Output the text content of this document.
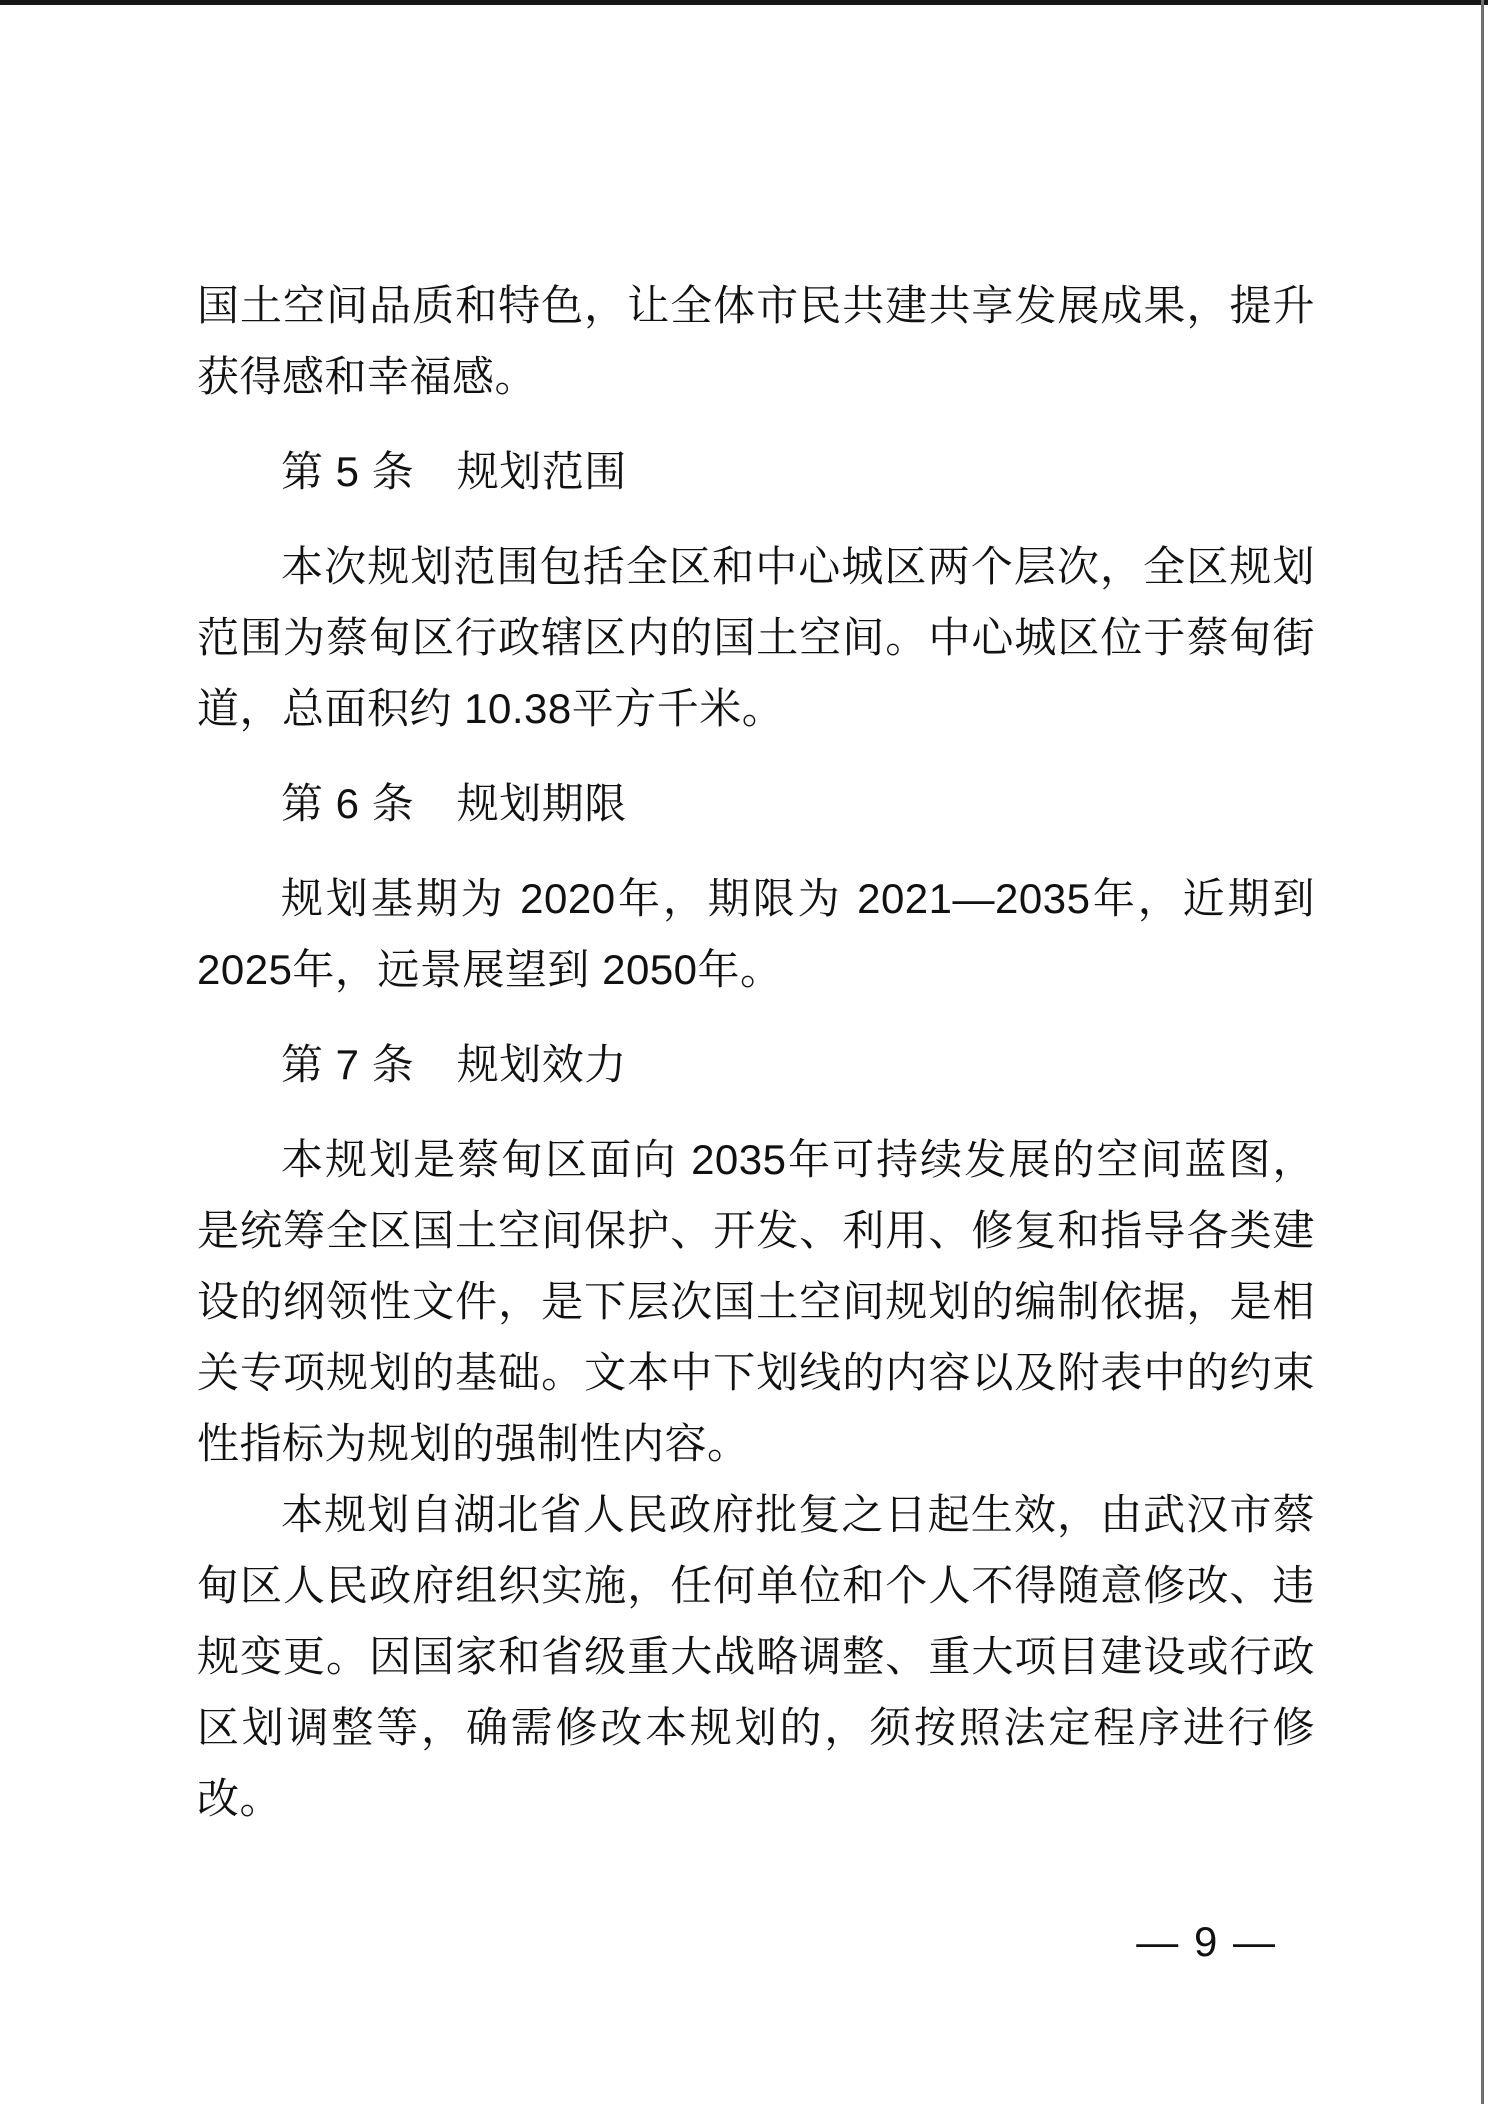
国土空间品质和特色，让全体市民共建共享发展成果，提升获得感和幸福感。

第 5 条　规划范围

本次规划范围包括全区和中心城区两个层次，全区规划范围为蔡甸区行政辖区内的国土空间。中心城区位于蔡甸街道，总面积约 10.38平方千米。

第 6 条　规划期限

规划基期为 2020年，期限为 2021—2035年，近期到 2025年，远景展望到 2050年。

第 7 条　规划效力

本规划是蔡甸区面向 2035年可持续发展的空间蓝图，是统筹全区国土空间保护、开发、利用、修复和指导各类建设的纲领性文件，是下层次国土空间规划的编制依据，是相关专项规划的基础。文本中下划线的内容以及附表中的约束性指标为规划的强制性内容。

本规划自湖北省人民政府批复之日起生效，由武汉市蔡甸区人民政府组织实施，任何单位和个人不得随意修改、违规变更。因国家和省级重大战略调整、重大项目建设或行政区划调整等，确需修改本规划的，须按照法定程序进行修改。

— 9 —
